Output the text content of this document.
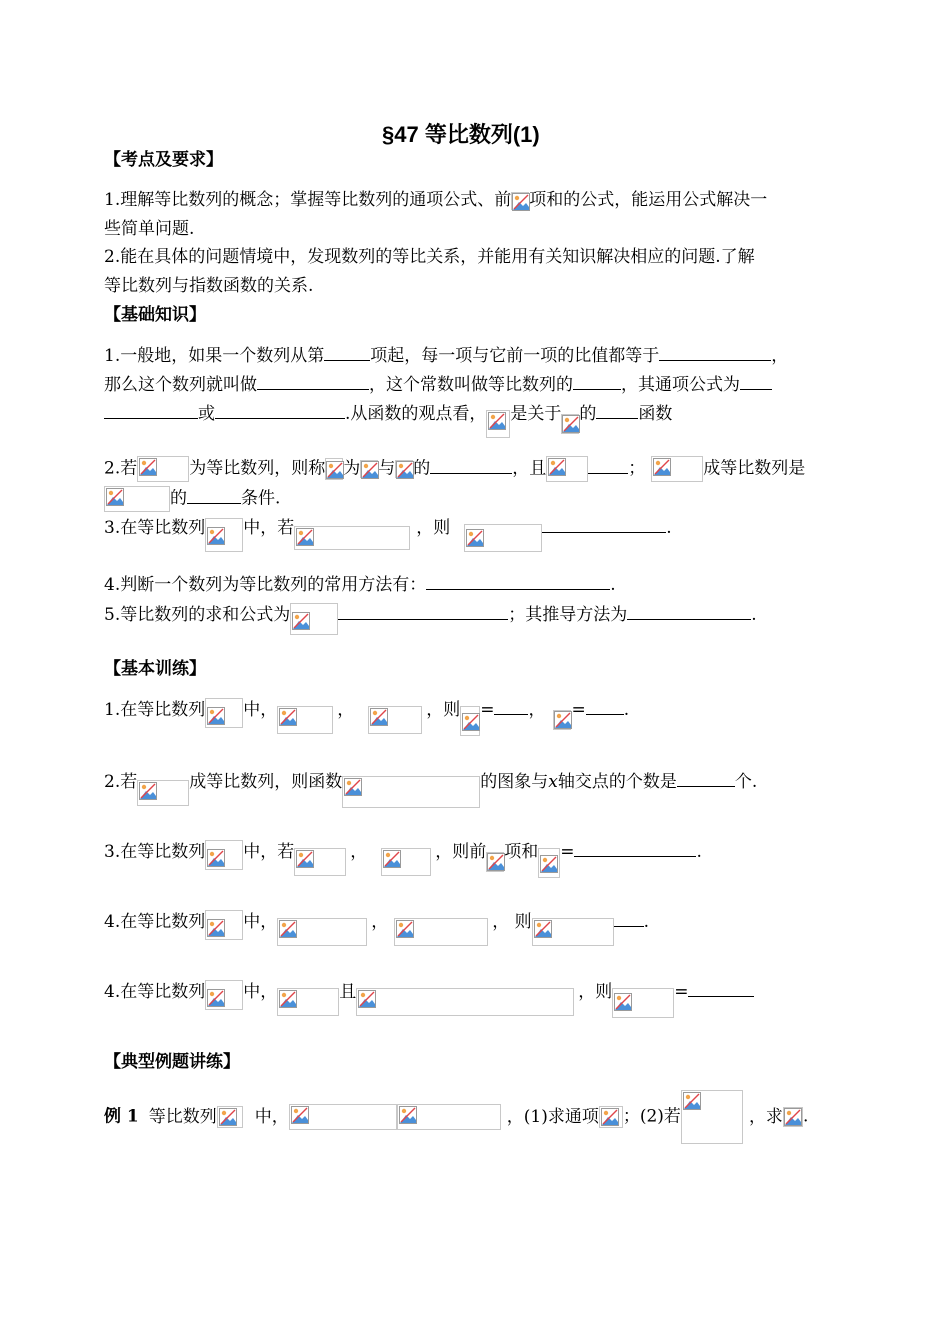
§47 等比数列(1)
【考点及要求】
1.理解等比数列的概念；掌握等比数列的通项公式、前 项和的公式，能运用公式解决一
些简单问题.
2.能在具体的问题情境中，发现数列的等比关系，并能用有关知识解决相应的问题.了解
等比数列与指数函数的关系.
【基础知识】
1.一般地，如果一个数列从第	项起，每一项与它前一项的比值都等于	，
那么这个数列就叫做	，这个常数叫做等比数列的	，其通项公式为
或	.从函数的观点看， 是关于 的 函数
2.若	为等比数列，则称 为 与 的	，且	；	成等比数列是
的	条件.
3.在等比数列 中，若	，则	.
4.判断一个数列为等比数列的常用方法有：	.
5.等比数列的求和公式为	；其推导方法为	.
【基本训练】
1.在等比数列 中，	，	，则 = ， = .
2.若	成等比数列，则函数	的图象与x轴交点的个数是	个.
3.在等比数列 中，若	，	，则前 项和 =	.
4.在等比数列 中，	，	， 则	.
4.在等比数列 中，	且	，则	=
【典型例题讲练】
例 1 等比数列 中，	，(1)求通项 ；(2)若	，求 .
